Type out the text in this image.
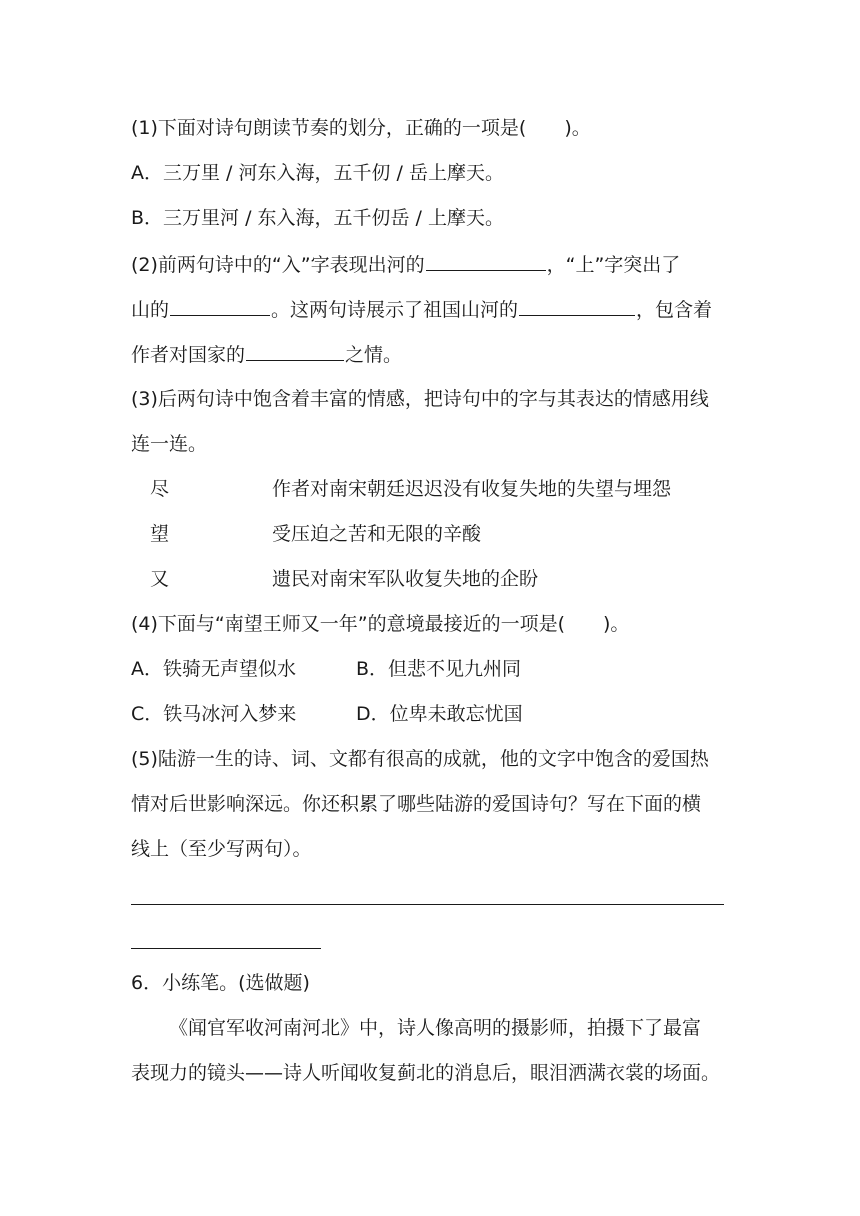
(1)下面对诗句朗读节奏的划分，正确的一项是( )。
A．三万里 / 河东入海，五千仞 / 岳上摩天。
B．三万里河 / 东入海，五千仞岳 / 上摩天。
(2)前两句诗中的“入”字表现出河的	，“上”字突出了
山的	。这两句诗展示了祖国山河的	，包含着
作者对国家的	之情。
(3)后两句诗中饱含着丰富的情感，把诗句中的字与其表达的情感用线
连一连。
尽	作者对南宋朝廷迟迟没有收复失地的失望与埋怨
望	受压迫之苦和无限的辛酸
又	遗民对南宋军队收复失地的企盼
(4)下面与“南望王师又一年”的意境最接近的一项是( )。
A．铁骑无声望似水	B．但悲不见九州同
C．铁马冰河入梦来	D．位卑未敢忘忧国
(5)陆游一生的诗、词、文都有很高的成就，他的文字中饱含的爱国热
情对后世影响深远。你还积累了哪些陆游的爱国诗句？写在下面的横
线上（至少写两句）。
6．小练笔。(选做题)
《闻官军收河南河北》中，诗人像高明的摄影师，拍摄下了最富
表现力的镜头——诗人听闻收复蓟北的消息后，眼泪洒满衣裳的场面。
